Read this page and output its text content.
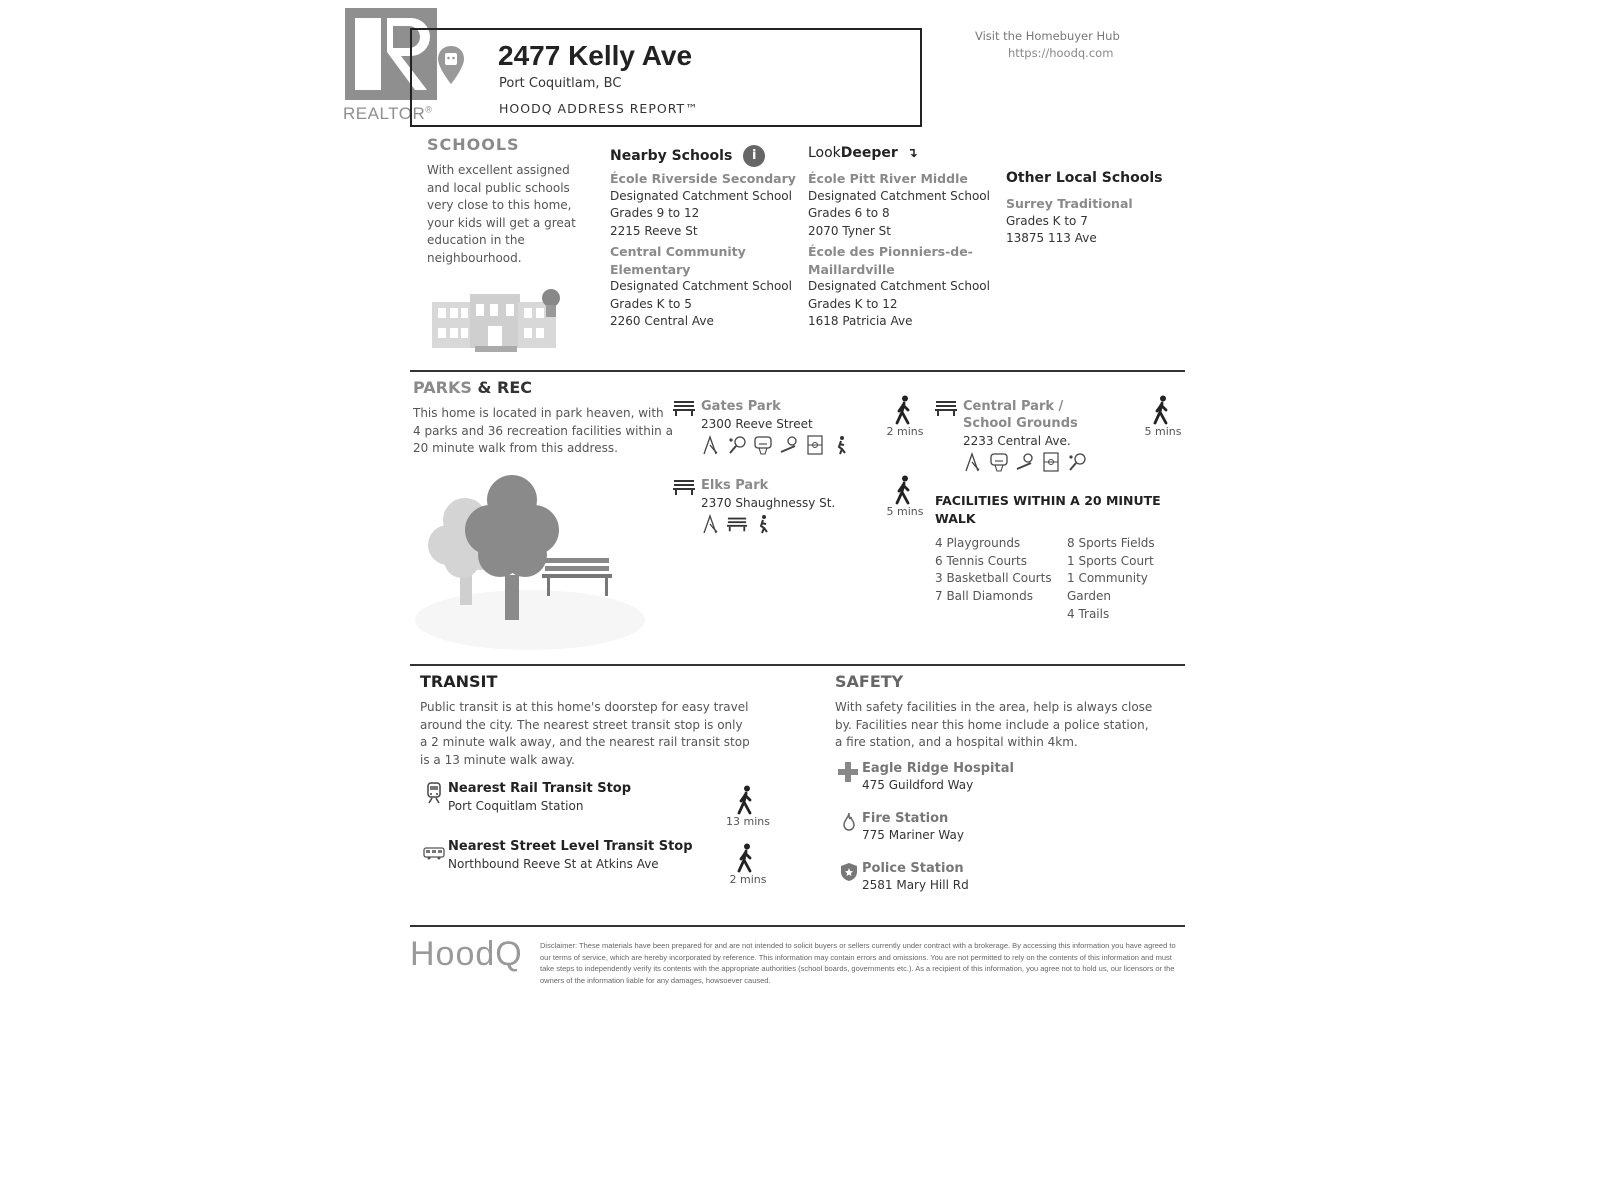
REALTOR®
2477 Kelly Ave
Port Coquitlam, BC
HOODQ ADDRESS REPORT™
Visit the Homebuyer Hub
https://hoodq.com
SCHOOLS
With excellent assigned and local public schools very close to this home, your kids will get a great education in the neighbourhood.
Nearby Schools i
École Riverside Secondary
Designated Catchment School
Grades 9 to 12
2215 Reeve St
Central Community Elementary
Designated Catchment School
Grades K to 5
2260 Central Ave
LookDeeper ↴
École Pitt River Middle
Designated Catchment School
Grades 6 to 8
2070 Tyner St
École des Pionniers-de-Maillardville
Designated Catchment School
Grades K to 12
1618 Patricia Ave
Other Local Schools
Surrey Traditional
Grades K to 7
13875 113 Ave
PARKS & REC
This home is located in park heaven, with 4 parks and 36 recreation facilities within a 20 minute walk from this address.
Gates Park
2300 Reeve Street
2 mins
Elks Park
2370 Shaughnessy St.
5 mins
Central Park / School Grounds
2233 Central Ave.
5 mins
FACILITIES WITHIN A 20 MINUTE WALK
4 Playgrounds
6 Tennis Courts
3 Basketball Courts
7 Ball Diamonds
8 Sports Fields
1 Sports Court
1 Community Garden
4 Trails
TRANSIT
Public transit is at this home's doorstep for easy travel around the city. The nearest street transit stop is only a 2 minute walk away, and the nearest rail transit stop is a 13 minute walk away.
Nearest Rail Transit Stop
Port Coquitlam Station
13 mins
Nearest Street Level Transit Stop
Northbound Reeve St at Atkins Ave
2 mins
SAFETY
With safety facilities in the area, help is always close by. Facilities near this home include a police station, a fire station, and a hospital within 4km.
Eagle Ridge Hospital
475 Guildford Way
Fire Station
775 Mariner Way
Police Station
2581 Mary Hill Rd
HoodQ Disclaimer: These materials have been prepared for and are not intended to solicit buyers or sellers currently under contract with a brokerage. By accessing this information you have agreed to our terms of service, which are hereby incorporated by reference. This information may contain errors and omissions. You are not permitted to rely on the contents of this information and must take steps to independently verify its contents with the appropriate authorities (school boards, governments etc.). As a recipient of this information, you agree not to hold us, our licensors or the owners of the information liable for any damages, howsoever caused.
